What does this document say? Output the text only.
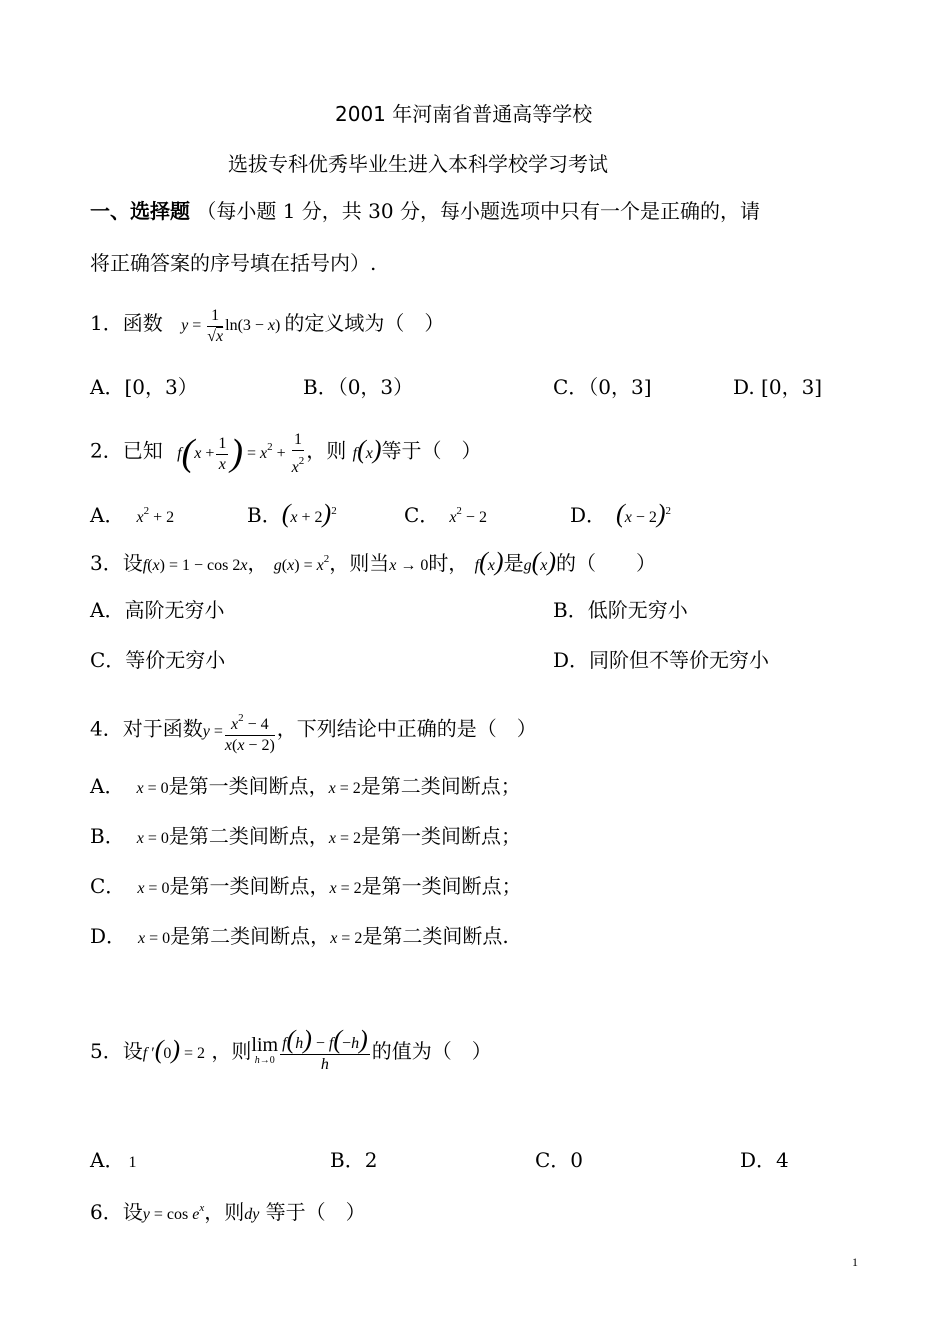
2001 年河南省普通高等学校
选拔专科优秀毕业生进入本科学校学习考试
一、选择题 （每小题 1 分，共 30 分，每小题选项中只有一个是正确的，请
将正确答案的序号填在括号内）.
1．函数 $y = \frac{1}{√x} \ln(3 - x)$ 的定义域为（　）
A．[0，3）	B．（0，3）	C．（0，3]	D. [0，3]
2．已知 $f(x + \frac{1}{x}$ ) = $x^2 + \frac{1}{x^2}$ ，则 f(x)等于（　）
A． $x^2 + 2$	B．$(x + 2)^2$	C． $x^2 - 2$	D． $(x - 2)^2$
3．设f(x) = 1 − cos 2x， $g(x) = x^2$，则当x → 0时， f(x)是g(x)的（　　）
A．高阶无穷小	B．低阶无穷小
C．等价无穷小	D．同阶但不等价无穷小
4．对于函数$y = \frac{x^2 - 4}{x(x - 2)}$ ，下列结论中正确的是（　）
A． x = 0是第一类间断点，x = 2是第二类间断点；
B． x = 0是第二类间断点，x = 2是第一类间断点；
C． x = 0是第一类间断点，x = 2是第一类间断点；
D． x = 0是第二类间断点，x = 2是第二类间断点.
5．设f ′(0) = 2 ，则lim
$h\to 0 \frac{f(h) - f(-h)}{h}$ 的值为（　）
A． 1	B．2	C．0	D．4
6．设$y = \cos e^x$，则dy 等于（　）
1
